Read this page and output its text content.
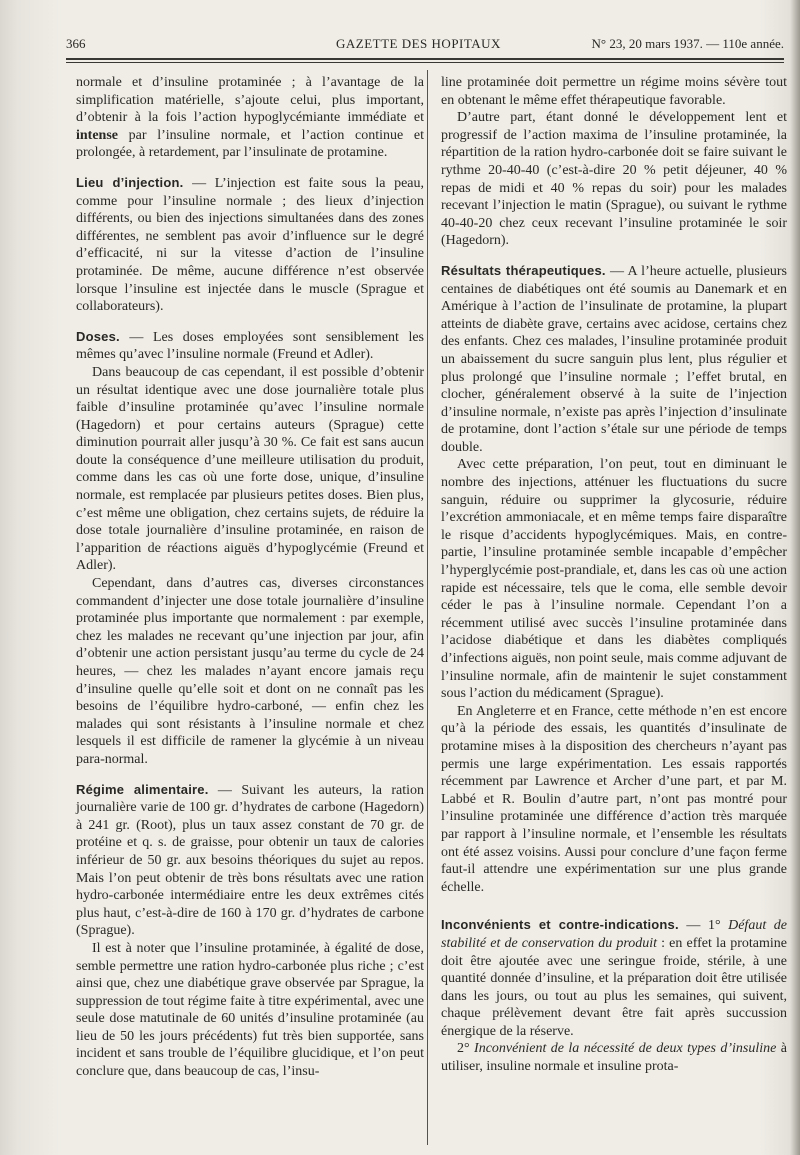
366	GAZETTE DES HOPITAUX	N° 23, 20 mars 1937. — 110e année.

normale et d’insuline protaminée ; à l’avantage de la simplification matérielle, s’ajoute celui, plus important, d’obtenir à la fois l’action hypoglycémiante immédiate et intense par l’insuline normale, et l’action continue et prolongée, à retardement, par l’insulinate de protamine.

Lieu d’injection. — L’injection est faite sous la peau, comme pour l’insuline normale ; des lieux d’injection différents, ou bien des injections simultanées dans des zones différentes, ne semblent pas avoir d’influence sur le degré d’efficacité, ni sur la vitesse d’action de l’insuline protaminée. De même, aucune différence n’est observée lorsque l’insuline est injectée dans le muscle (Sprague et collaborateurs).

Doses. — Les doses employées sont sensiblement les mêmes qu’avec l’insuline normale (Freund et Adler).

Dans beaucoup de cas cependant, il est possible d’obtenir un résultat identique avec une dose journalière totale plus faible d’insuline protaminée qu’avec l’insuline normale (Hagedorn) et pour certains auteurs (Sprague) cette diminution pourrait aller jusqu’à 30 %. Ce fait est sans aucun doute la conséquence d’une meilleure utilisation du produit, comme dans les cas où une forte dose, unique, d’insuline normale, est remplacée par plusieurs petites doses. Bien plus, c’est même une obligation, chez certains sujets, de réduire la dose totale journalière d’insuline protaminée, en raison de l’apparition de réactions aiguës d’hypoglycémie (Freund et Adler).

Cependant, dans d’autres cas, diverses circonstances commandent d’injecter une dose totale journalière d’insuline protaminée plus importante que normalement : par exemple, chez les malades ne recevant qu’une injection par jour, afin d’obtenir une action persistant jusqu’au terme du cycle de 24 heures, — chez les malades n’ayant encore jamais reçu d’insuline quelle qu’elle soit et dont on ne connaît pas les besoins de l’équilibre hydro-carboné, — enfin chez les malades qui sont résistants à l’insuline normale et chez lesquels il est difficile de ramener la glycémie à un niveau para-normal.

Régime alimentaire. — Suivant les auteurs, la ration journalière varie de 100 gr. d’hydrates de carbone (Hagedorn) à 241 gr. (Root), plus un taux assez constant de 70 gr. de protéine et q. s. de graisse, pour obtenir un taux de calories inférieur de 50 gr. aux besoins théoriques du sujet au repos. Mais l’on peut obtenir de très bons résultats avec une ration hydro-carbonée intermédiaire entre les deux extrêmes cités plus haut, c’est-à-dire de 160 à 170 gr. d’hydrates de carbone (Sprague).

Il est à noter que l’insuline protaminée, à égalité de dose, semble permettre une ration hydro-carbonée plus riche ; c’est ainsi que, chez une diabétique grave observée par Sprague, la suppression de tout régime faite à titre expérimental, avec une seule dose matutinale de 60 unités d’insuline protaminée (au lieu de 50 les jours précédents) fut très bien supportée, sans incident et sans trouble de l’équilibre glucidique, et l’on peut conclure que, dans beaucoup de cas, l’insu-

line protaminée doit permettre un régime moins sévère tout en obtenant le même effet thérapeutique favorable.

D’autre part, étant donné le développement lent et progressif de l’action maxima de l’insuline protaminée, la répartition de la ration hydro-carbonée doit se faire suivant le rythme 20-40-40 (c’est-à-dire 20 % petit déjeuner, 40 % repas de midi et 40 % repas du soir) pour les malades recevant l’injection le matin (Sprague), ou suivant le rythme 40-40-20 chez ceux recevant l’insuline protaminée le soir (Hagedorn).

Résultats thérapeutiques. — A l’heure actuelle, plusieurs centaines de diabétiques ont été soumis au Danemark et en Amérique à l’action de l’insulinate de protamine, la plupart atteints de diabète grave, certains avec acidose, certains chez des enfants. Chez ces malades, l’insuline protaminée produit un abaissement du sucre sanguin plus lent, plus régulier et plus prolongé que l’insuline normale ; l’effet brutal, en clocher, généralement observé à la suite de l’injection d’insuline normale, n’existe pas après l’injection d’insulinate de protamine, dont l’action s’étale sur une période de temps double.

Avec cette préparation, l’on peut, tout en diminuant le nombre des injections, atténuer les fluctuations du sucre sanguin, réduire ou supprimer la glycosurie, réduire l’excrétion ammoniacale, et en même temps faire disparaître le risque d’accidents hypoglycémiques. Mais, en contre-partie, l’insuline protaminée semble incapable d’empêcher l’hyperglycémie post-prandiale, et, dans les cas où une action rapide est nécessaire, tels que le coma, elle semble devoir céder le pas à l’insuline normale. Cependant l’on a récemment utilisé avec succès l’insuline protaminée dans l’acidose diabétique et dans les diabètes compliqués d’infections aiguës, non point seule, mais comme adjuvant de l’insuline normale, afin de maintenir le sujet constamment sous l’action du médicament (Sprague).

En Angleterre et en France, cette méthode n’en est encore qu’à la période des essais, les quantités d’insulinate de protamine mises à la disposition des chercheurs n’ayant pas permis une large expérimentation. Les essais rapportés récemment par Lawrence et Archer d’une part, et par M. Labbé et R. Boulin d’autre part, n’ont pas montré pour l’insuline protaminée une différence d’action très marquée par rapport à l’insuline normale, et l’ensemble les résultats ont été assez voisins. Aussi pour conclure d’une façon ferme faut-il attendre une expérimentation sur une plus grande échelle.

Inconvénients et contre-indications. — 1° Défaut de stabilité et de conservation du produit : en effet la protamine doit être ajoutée avec une seringue froide, stérile, à une quantité donnée d’insuline, et la préparation doit être utilisée dans les jours, ou tout au plus les semaines, qui suivent, chaque prélèvement devant être fait après succussion énergique de la réserve.

2° Inconvénient de la nécessité de deux types d’insuline à utiliser, insuline normale et insuline prota-
